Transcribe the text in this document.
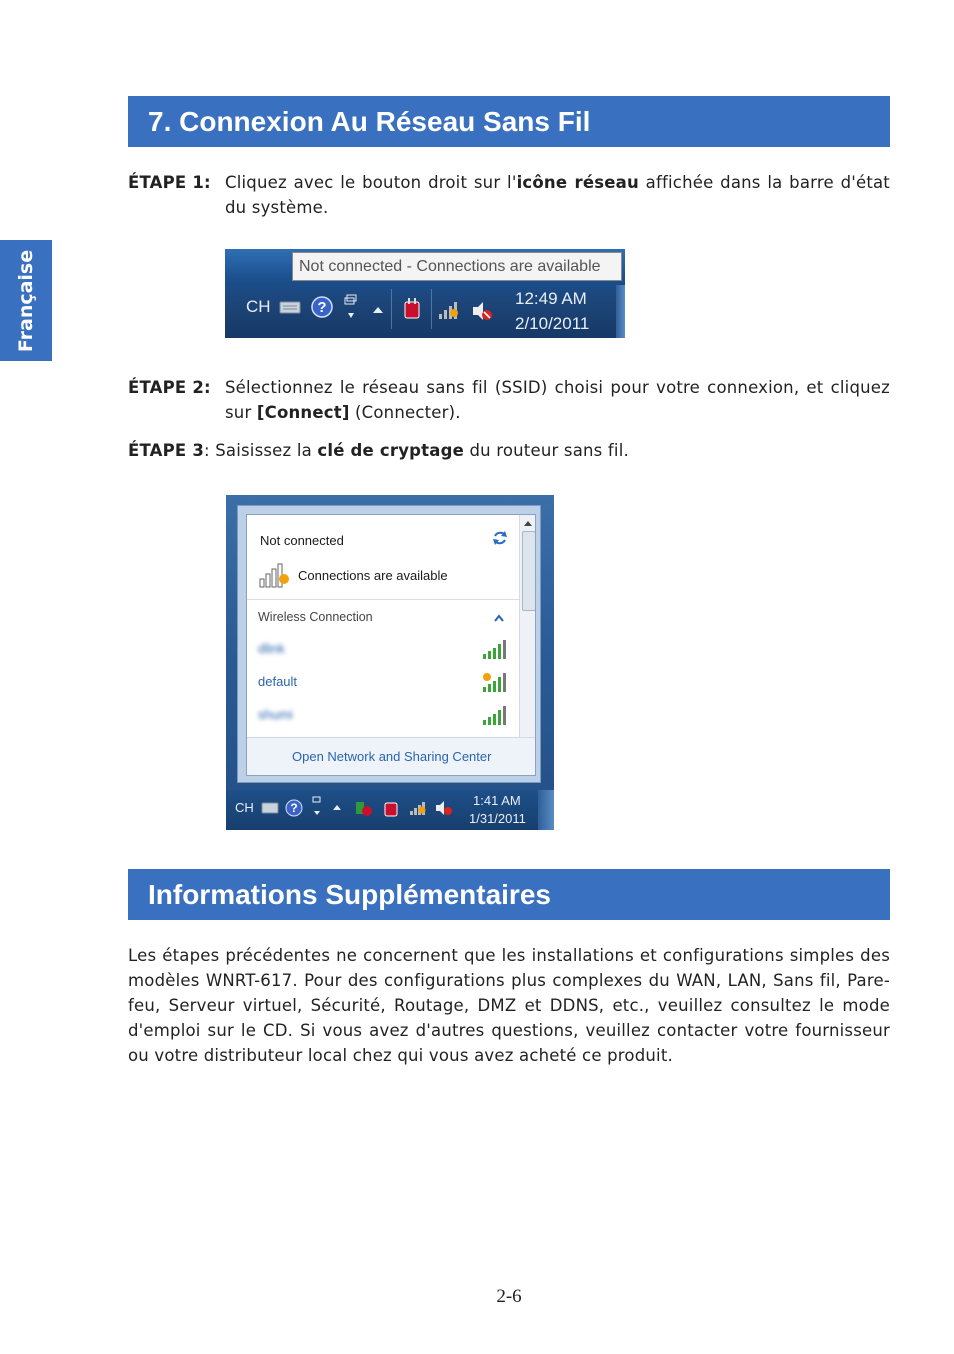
Française
7. Connexion Au Réseau Sans Fil
ÉTAPE 1: Cliquez avec le bouton droit sur l'icône réseau affichée dans la barre d'état du système.
Not connected - Connections are available
CH	?	12:49 AM
2/10/2011
ÉTAPE 2: Sélectionnez le réseau sans fil (SSID) choisi pour votre connexion, et cliquez sur [Connect] (Connecter).
ÉTAPE 3: Saisissez la clé de cryptage du routeur sans fil.
Not connected
Connections are available
Wireless Connection
dlink
default
shumi
Open Network and Sharing Center
CH	?	1:41 AM
1/31/2011
Informations Supplémentaires
Les étapes précédentes ne concernent que les installations et configurations simples des modèles WNRT-617. Pour des configurations plus complexes du WAN, LAN, Sans fil, Pare-feu, Serveur virtuel, Sécurité, Routage, DMZ et DDNS, etc., veuillez consultez le mode d'emploi sur le CD. Si vous avez d'autres questions, veuillez contacter votre fournisseur ou votre distributeur local chez qui vous avez acheté ce produit.
2-6
